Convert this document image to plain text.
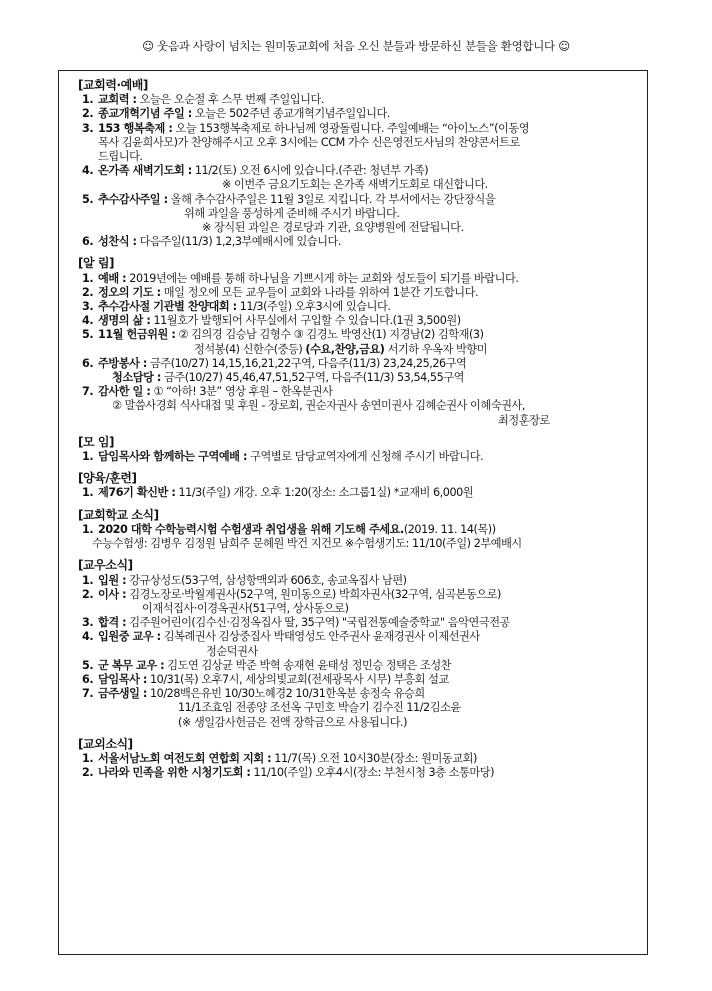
☺ 웃음과 사랑이 넘치는 원미동교회에 처음 오신 분들과 방문하신 분들을 환영합니다 ☺
[교회력·예배]
1. 교회력 : 오늘은 오순절 후 스무 번째 주일입니다.
2. 종교개혁기념 주일 : 오늘은 502주년 종교개혁기념주일입니다.
3. 153 행복축제 : 오늘 153행복축제로 하나님께 영광돌립니다. 주일예배는 “아이노스”(이동영
목사 김윤희사모)가 찬양해주시고 오후 3시에는 CCM 가수 신은영전도사님의 찬양콘서트로
드립니다.
4. 온가족 새벽기도회 : 11/2(토) 오전 6시에 있습니다.(주관: 청년부 가족)
※ 이번주 금요기도회는 온가족 새벽기도회로 대신합니다.
5. 추수감사주일 : 올해 추수감사주일은 11월 3일로 지킵니다. 각 부서에서는 강단장식을
위해 과일을 풍성하게 준비해 주시기 바랍니다.
※ 장식된 과일은 경로당과 기관, 요양병원에 전달됩니다.
6. 성찬식 : 다음주일(11/3) 1,2,3부예배시에 있습니다.
[알 림]
1. 예배 : 2019년에는 예배를 통해 하나님을 기쁘시게 하는 교회와 성도들이 되기를 바랍니다.
2. 정오의 기도 : 매일 정오에 모든 교우들이 교회와 나라를 위하여 1분간 기도합니다.
3. 추수감사절 기관별 찬양대회 : 11/3(주일) 오후3시에 있습니다.
4. 생명의 삶 : 11월호가 발행되어 사무실에서 구입할 수 있습니다.(1권 3,500원)
5. 11월 헌금위원 : ② 김의경 김승남 김형수 ③ 김경노 박영산(1) 지경남(2) 김학재(3)
정석봉(4) 신한수(중등) (수요,찬양,금요) 서기하 우옥자 박향미
6. 주방봉사 : 금주(10/27) 14,15,16,21,22구역, 다음주(11/3) 23,24,25,26구역
청소담당 : 금주(10/27) 45,46,47,51,52구역, 다음주(11/3) 53,54,55구역
7. 감사한 일 : ① “아하! 3분” 영상 후원 – 한옥분권사
② 말씀사경회 식사대접 및 후원 - 장로회, 권순자권사 송연미권사 김혜순권사 이혜숙권사,
최정훈장로
[모 임]
1. 담임목사와 함께하는 구역예배 : 구역별로 담당교역자에게 신청해 주시기 바랍니다.
[양육/훈련]
1. 제76기 확신반 : 11/3(주일) 개강. 오후 1:20(장소: 소그룹1실) *교재비 6,000원
[교회학교 소식]
1. 2020 대학 수학능력시험 수험생과 취업생을 위해 기도해 주세요.(2019. 11. 14(목))
수능수험생: 김병우 김정원 남희주 문혜원 박건 지건모 ※수험생기도: 11/10(주일) 2부예배시
[교우소식]
1. 입원 : 강규상성도(53구역, 삼성항맥외과 606호, 송교옥집사 남편)
2. 이사 : 김경노장로·박월계권사(52구역, 원미동으로) 박희자권사(32구역, 심곡본동으로)
이재석집사·이경옥권사(51구역, 상사동으로)
3. 합격 : 김주원어린이(김수신·김정옥집사 딸, 35구역) "국립전통예술중학교" 음악연극전공
4. 입원중 교우 : 김복례권사 김상중집사 박태영성도 안주권사 윤재경권사 이제선권사
정순덕권사
5. 군 복무 교우 : 김도연 김상균 박준 박혁 송재현 윤태성 정민승 정택은 조성찬
6. 담임목사 : 10/31(목) 오후7시, 세상의빛교회(전세광목사 시무) 부흥회 설교
7. 금주생일 : 10/28백은유빈 10/30노혜경2 10/31한옥분 송정숙 유승희
11/1조효임 전종양 조선옥 구민호 박슬기 김수진 11/2김소윤
(※ 생일감사헌금은 전액 장학금으로 사용됩니다.)
[교외소식]
1. 서울서남노회 여전도회 연합회 지회 : 11/7(목) 오전 10시30분(장소: 원미동교회)
2. 나라와 민족을 위한 시청기도회 : 11/10(주일) 오후4시(장소: 부천시청 3층 소통마당)
